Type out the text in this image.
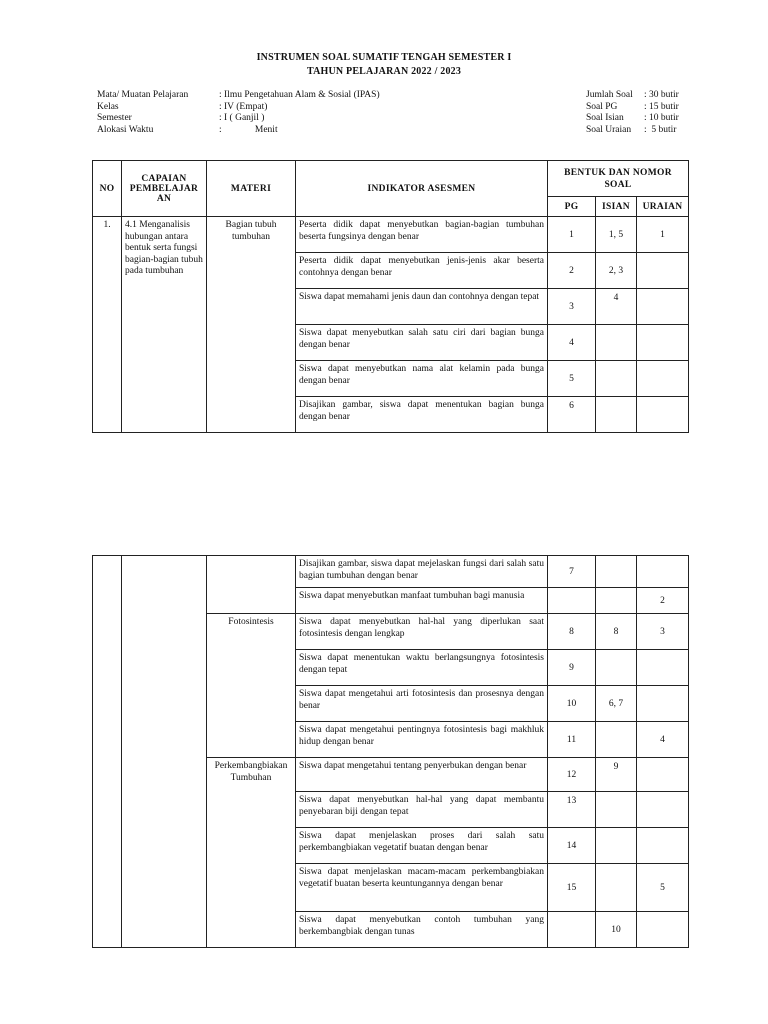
INSTRUMEN SOAL SUMATIF TENGAH SEMESTER I
TAHUN PELAJARAN 2022 / 2023
Mata/ Muatan Pelajaran	: Ilmu Pengetahuan Alam & Sosial (IPAS)
Kelas	: IV (Empat)
Semester	: I ( Ganjil )
Alokasi Waktu	:              Menit
Jumlah Soal	: 30 butir
Soal PG	: 15 butir
Soal Isian	: 10 butir
Soal Uraian	:  5 butir
NO	CAPAIAN PEMBELAJAR AN	MATERI	INDIKATOR ASESMEN	BENTUK DAN NOMOR SOAL		
				PG	ISIAN	URAIAN
1.	4.1 Menganalisis hubungan antara bentuk serta fungsi bagian-bagian tubuh pada tumbuhan	Bagian tubuh tumbuhan	Peserta didik dapat menyebutkan bagian-bagian tumbuhan beserta fungsinya dengan benar	1	1, 5	1
			Peserta didik dapat menyebutkan jenis-jenis akar beserta contohnya dengan benar	2	2, 3	
			Siswa dapat memahami jenis daun dan contohnya dengan tepat	3	4	
			Siswa dapat menyebutkan salah satu ciri dari bagian bunga dengan benar	4		
			Siswa dapat menyebutkan nama alat kelamin pada bunga dengan benar	5		
			Disajikan gambar, siswa dapat menentukan bagian bunga dengan benar	6		
			Disajikan gambar, siswa dapat mejelaskan fungsi dari salah satu bagian tumbuhan dengan benar	7		
			Siswa dapat menyebutkan manfaat tumbuhan bagi manusia			2
		Fotosintesis	Siswa dapat menyebutkan hal-hal yang diperlukan saat fotosintesis dengan lengkap	8	8	3
			Siswa dapat menentukan waktu berlangsungnya fotosintesis dengan tepat	9		
			Siswa dapat mengetahui arti fotosintesis dan prosesnya dengan benar	10	6, 7	
			Siswa dapat mengetahui pentingnya fotosintesis bagi makhluk hidup dengan benar	11		4
		Perkembangbiakan Tumbuhan	Siswa dapat mengetahui tentang penyerbukan dengan benar	12	9	
			Siswa dapat menyebutkan hal-hal yang dapat membantu penyebaran biji dengan tepat	13		
			Siswa dapat menjelaskan proses dari salah satu perkembangbiakan vegetatif buatan dengan benar	14		
			Siswa dapat menjelaskan macam-macam perkembangbiakan vegetatif buatan beserta keuntungannya dengan benar	15		5
			Siswa dapat menyebutkan contoh tumbuhan yang berkembangbiak dengan tunas		10	
